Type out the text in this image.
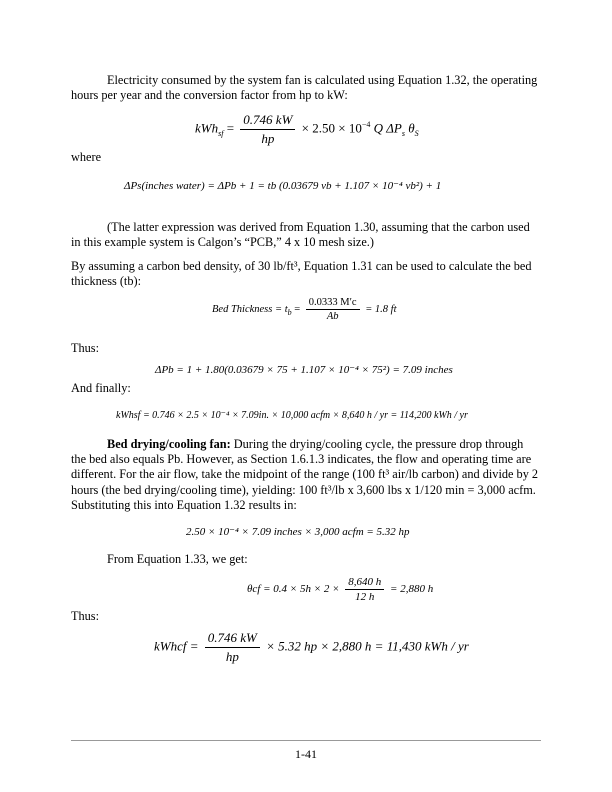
Electricity consumed by the system fan is calculated using Equation 1.32, the operating hours per year and the conversion factor from hp to kW:

$kWh_{sf} = \frac{0.746 kW}{hp} \times 2.50 \times 10^{-4}$ Q $\Delta P_s$ $\theta_S$

where

ΔPs(inches water) = ΔPb + 1 = tb (0.03679 vb + 1.107 × 10⁻⁴ vb²) + 1

(The latter expression was derived from Equation 1.30, assuming that the carbon used in this example system is Calgon’s “PCB,” 4 x 10 mesh size.)

By assuming a carbon bed density, of 30 lb/ft³, Equation 1.31 can be used to calculate the bed thickness (tb):

Bed Thickness = $t_b = \frac{0.0333 M'c}{Ab} = 1.8$ ft

Thus:

ΔPb = 1 + 1.80(0.03679 × 75 + 1.107 × 10⁻⁴ × 75²) = 7.09 inches

And finally:

kWhsf = 0.746 × 2.5 × 10⁻⁴ × 7.09in. × 10,000 acfm × 8,640 h / yr = 114,200 kWh / yr

Bed drying/cooling fan: During the drying/cooling cycle, the pressure drop through the bed also equals Pb. However, as Section 1.6.1.3 indicates, the flow and operating time are different. For the air flow, take the midpoint of the range (100 ft³ air/lb carbon) and divide by 2 hours (the bed drying/cooling time), yielding: 100 ft³/lb x 3,600 lbs x 1/120 min = 3,000 acfm. Substituting this into Equation 1.32 results in:

2.50 × 10⁻⁴ × 7.09 inches × 3,000 acfm = 5.32 hp

From Equation 1.33, we get:

$\theta cf = 0.4 \times 5h \times 2 \times \frac{8,640 h}{12 h} = 2,880$ h

Thus:

kWhcf = $\frac{0.746 kW}{hp} \times 5.32$ hp × 2,880 h = 11,430 kWh / yr
1-41
